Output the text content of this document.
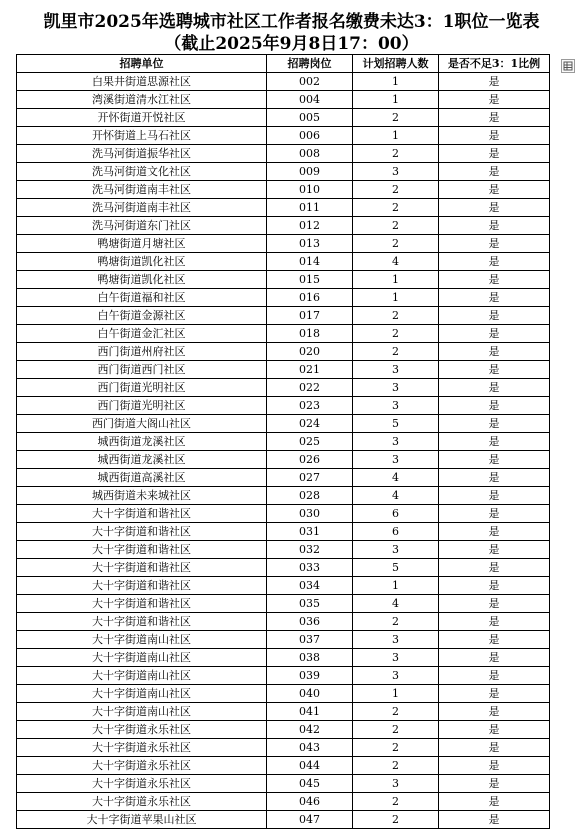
凯里市2025年选聘城市社区工作者报名缴费未达3：1职位一览表
（截止2025年9月8日17：00）
招聘单位	招聘岗位	计划招聘人数	是否不足3：1比例
白果井街道思源社区	002	1	是
湾溪街道清水江社区	004	1	是
开怀街道开悦社区	005	2	是
开怀街道上马石社区	006	1	是
洗马河街道振华社区	008	2	是
洗马河街道文化社区	009	3	是
洗马河街道南丰社区	010	2	是
洗马河街道南丰社区	011	2	是
洗马河街道东门社区	012	2	是
鸭塘街道月塘社区	013	2	是
鸭塘街道凯化社区	014	4	是
鸭塘街道凯化社区	015	1	是
白午街道福和社区	016	1	是
白午街道金源社区	017	2	是
白午街道金汇社区	018	2	是
西门街道州府社区	020	2	是
西门街道西门社区	021	3	是
西门街道光明社区	022	3	是
西门街道光明社区	023	3	是
西门街道大阁山社区	024	5	是
城西街道龙溪社区	025	3	是
城西街道龙溪社区	026	3	是
城西街道高溪社区	027	4	是
城西街道未来城社区	028	4	是
大十字街道和谐社区	030	6	是
大十字街道和谐社区	031	6	是
大十字街道和谐社区	032	3	是
大十字街道和谐社区	033	5	是
大十字街道和谐社区	034	1	是
大十字街道和谐社区	035	4	是
大十字街道和谐社区	036	2	是
大十字街道南山社区	037	3	是
大十字街道南山社区	038	3	是
大十字街道南山社区	039	3	是
大十字街道南山社区	040	1	是
大十字街道南山社区	041	2	是
大十字街道永乐社区	042	2	是
大十字街道永乐社区	043	2	是
大十字街道永乐社区	044	2	是
大十字街道永乐社区	045	3	是
大十字街道永乐社区	046	2	是
大十字街道苹果山社区	047	2	是
